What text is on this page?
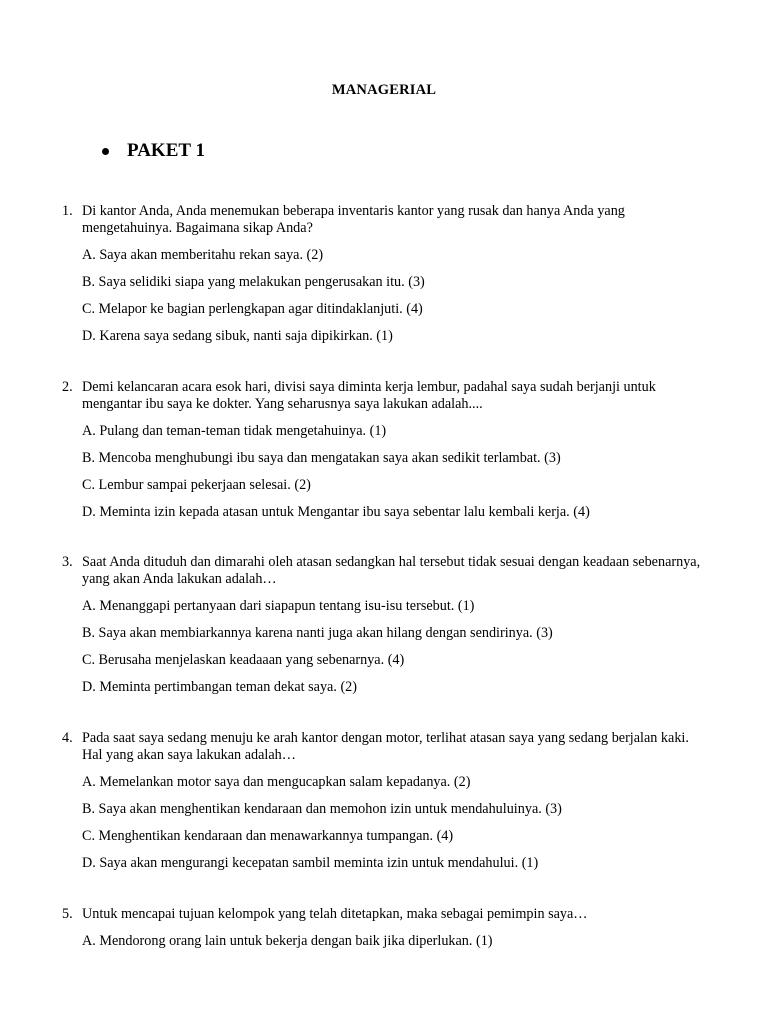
MANAGERIAL
PAKET 1
1. Di kantor Anda, Anda menemukan beberapa inventaris kantor yang rusak dan hanya Anda yang mengetahuinya. Bagaimana sikap Anda?
A. Saya akan memberitahu rekan saya. (2)
B. Saya selidiki siapa yang melakukan pengerusakan itu. (3)
C. Melapor ke bagian perlengkapan agar ditindaklanjuti. (4)
D. Karena saya sedang sibuk, nanti saja dipikirkan. (1)
2. Demi kelancaran acara esok hari, divisi saya diminta kerja lembur, padahal saya sudah berjanji untuk mengantar ibu saya ke dokter. Yang seharusnya saya lakukan adalah....
A. Pulang dan teman-teman tidak mengetahuinya. (1)
B. Mencoba menghubungi ibu saya dan mengatakan saya akan sedikit terlambat. (3)
C. Lembur sampai pekerjaan selesai. (2)
D. Meminta izin kepada atasan untuk Mengantar ibu saya sebentar lalu kembali kerja. (4)
3. Saat Anda dituduh dan dimarahi oleh atasan sedangkan hal tersebut tidak sesuai dengan keadaan sebenarnya, yang akan Anda lakukan adalah…
A. Menanggapi pertanyaan dari siapapun tentang isu-isu tersebut. (1)
B. Saya akan membiarkannya karena nanti juga akan hilang dengan sendirinya. (3)
C. Berusaha menjelaskan keadaaan yang sebenarnya. (4)
D. Meminta pertimbangan teman dekat saya. (2)
4. Pada saat saya sedang menuju ke arah kantor dengan motor, terlihat atasan saya yang sedang berjalan kaki. Hal yang akan saya lakukan adalah…
A. Memelankan motor saya dan mengucapkan salam kepadanya. (2)
B. Saya akan menghentikan kendaraan dan memohon izin untuk mendahuluinya. (3)
C. Menghentikan kendaraan dan menawarkannya tumpangan. (4)
D. Saya akan mengurangi kecepatan sambil meminta izin untuk mendahului. (1)
5. Untuk mencapai tujuan kelompok yang telah ditetapkan, maka sebagai pemimpin saya…
A. Mendorong orang lain untuk bekerja dengan baik jika diperlukan. (1)
